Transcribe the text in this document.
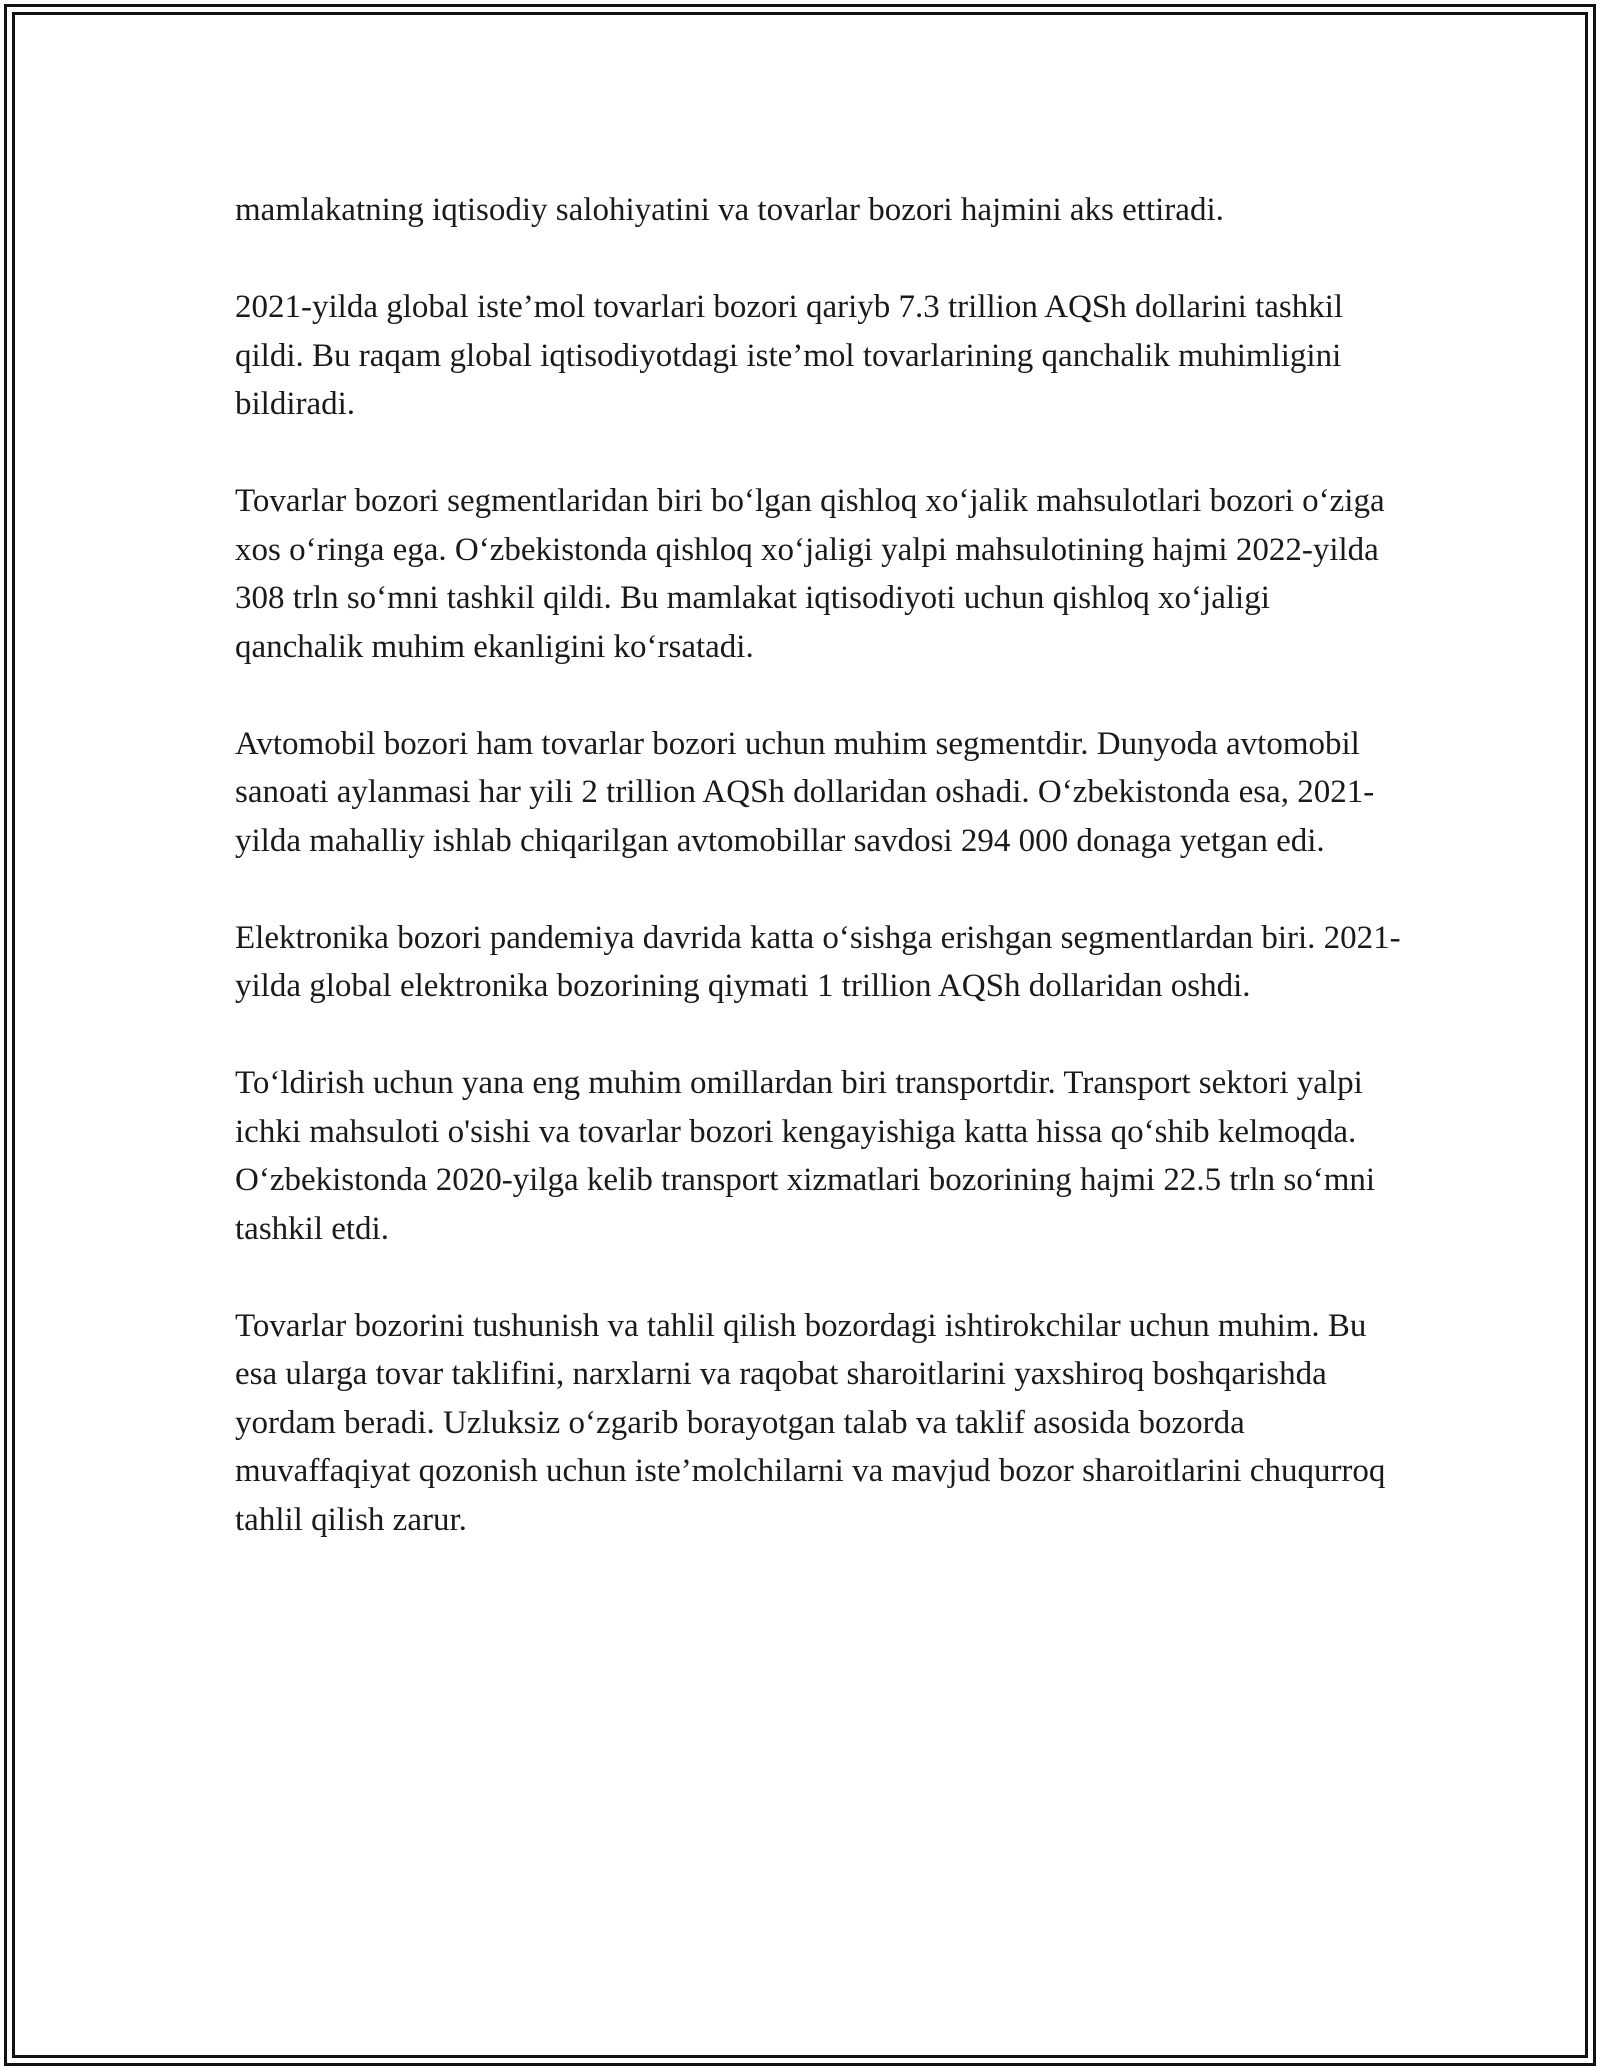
mamlakatning iqtisodiy salohiyatini va tovarlar bozori hajmini aks ettiradi.

2021-yilda global iste’mol tovarlari bozori qariyb 7.3 trillion AQSh dollarini tashkil qildi. Bu raqam global iqtisodiyotdagi iste’mol tovarlarining qanchalik muhimligini bildiradi.

Tovarlar bozori segmentlaridan biri bo‘lgan qishloq xo‘jalik mahsulotlari bozori o‘ziga xos o‘ringa ega. O‘zbekistonda qishloq xo‘jaligi yalpi mahsulotining hajmi 2022-yilda 308 trln so‘mni tashkil qildi. Bu mamlakat iqtisodiyoti uchun qishloq xo‘jaligi qanchalik muhim ekanligini ko‘rsatadi.

Avtomobil bozori ham tovarlar bozori uchun muhim segmentdir. Dunyoda avtomobil sanoati aylanmasi har yili 2 trillion AQSh dollaridan oshadi. O‘zbekistonda esa, 2021-yilda mahalliy ishlab chiqarilgan avtomobillar savdosi 294 000 donaga yetgan edi.

Elektronika bozori pandemiya davrida katta o‘sishga erishgan segmentlardan biri. 2021-yilda global elektronika bozorining qiymati 1 trillion AQSh dollaridan oshdi.

To‘ldirish uchun yana eng muhim omillardan biri transportdir. Transport sektori yalpi ichki mahsuloti o'sishi va tovarlar bozori kengayishiga katta hissa qo‘shib kelmoqda. O‘zbekistonda 2020-yilga kelib transport xizmatlari bozorining hajmi 22.5 trln so‘mni tashkil etdi.

Tovarlar bozorini tushunish va tahlil qilish bozordagi ishtirokchilar uchun muhim. Bu esa ularga tovar taklifini, narxlarni va raqobat sharoitlarini yaxshiroq boshqarishda yordam beradi. Uzluksiz o‘zgarib borayotgan talab va taklif asosida bozorda muvaffaqiyat qozonish uchun iste’molchilarni va mavjud bozor sharoitlarini chuqurroq tahlil qilish zarur.
